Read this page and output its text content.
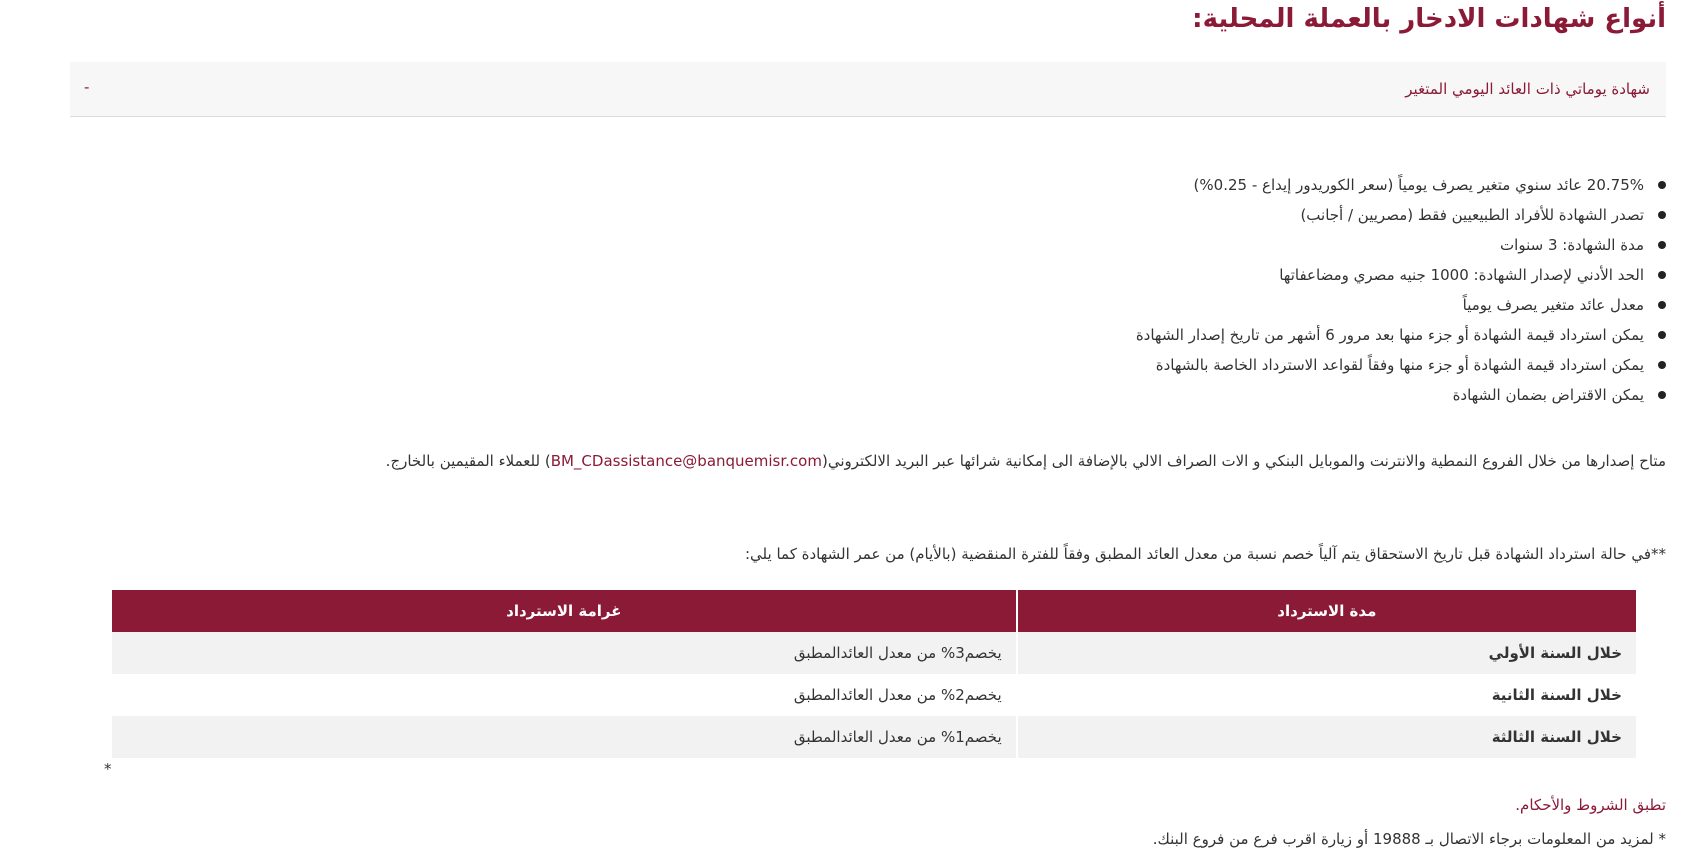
أنواع شهادات الادخار بالعملة المحلية:
شهادة يوماتي ذات العائد اليومي المتغير
-
20.75% عائد سنوي متغير يصرف يومياً (سعر الكوريدور إيداع - 0.25%)
تصدر الشهادة للأفراد الطبيعيين فقط (مصريين / أجانب)
مدة الشهادة: 3 سنوات
الحد الأدني لإصدار الشهادة: 1000 جنيه مصري ومضاعفاتها
معدل عائد متغير يصرف يومياً
يمكن استرداد قيمة الشهادة أو جزء منها بعد مرور 6 أشهر من تاريخ إصدار الشهادة
يمكن استرداد قيمة الشهادة أو جزء منها وفقاً لقواعد الاسترداد الخاصة بالشهادة
يمكن الاقتراض بضمان الشهادة

متاح إصدارها من خلال الفروع النمطية والانترنت والموبايل البنكي و الات الصراف الالي بالإضافة الى إمكانية شرائها عبر البريد الالكتروني(BM_CDassistance@banquemisr.com) للعملاء المقيمين بالخارج.

**في حالة استرداد الشهادة قبل تاريخ الاستحقاق يتم آلياً خصم نسبة من معدل العائد المطبق وفقاً للفترة المنقضية (بالأيام) من عمر الشهادة كما يلي:
مدة الاسترداد	غرامة الاسترداد
خلال السنة الأولي	يخصم3% من معدل العائدالمطبق
خلال السنة الثانية	يخصم2% من معدل العائدالمطبق
خلال السنة الثالثة	يخصم1% من معدل العائدالمطبق
*
تطبق الشروط والأحكام.
* لمزيد من المعلومات برجاء الاتصال بـ 19888 أو زيارة اقرب فرع من فروع البنك.
